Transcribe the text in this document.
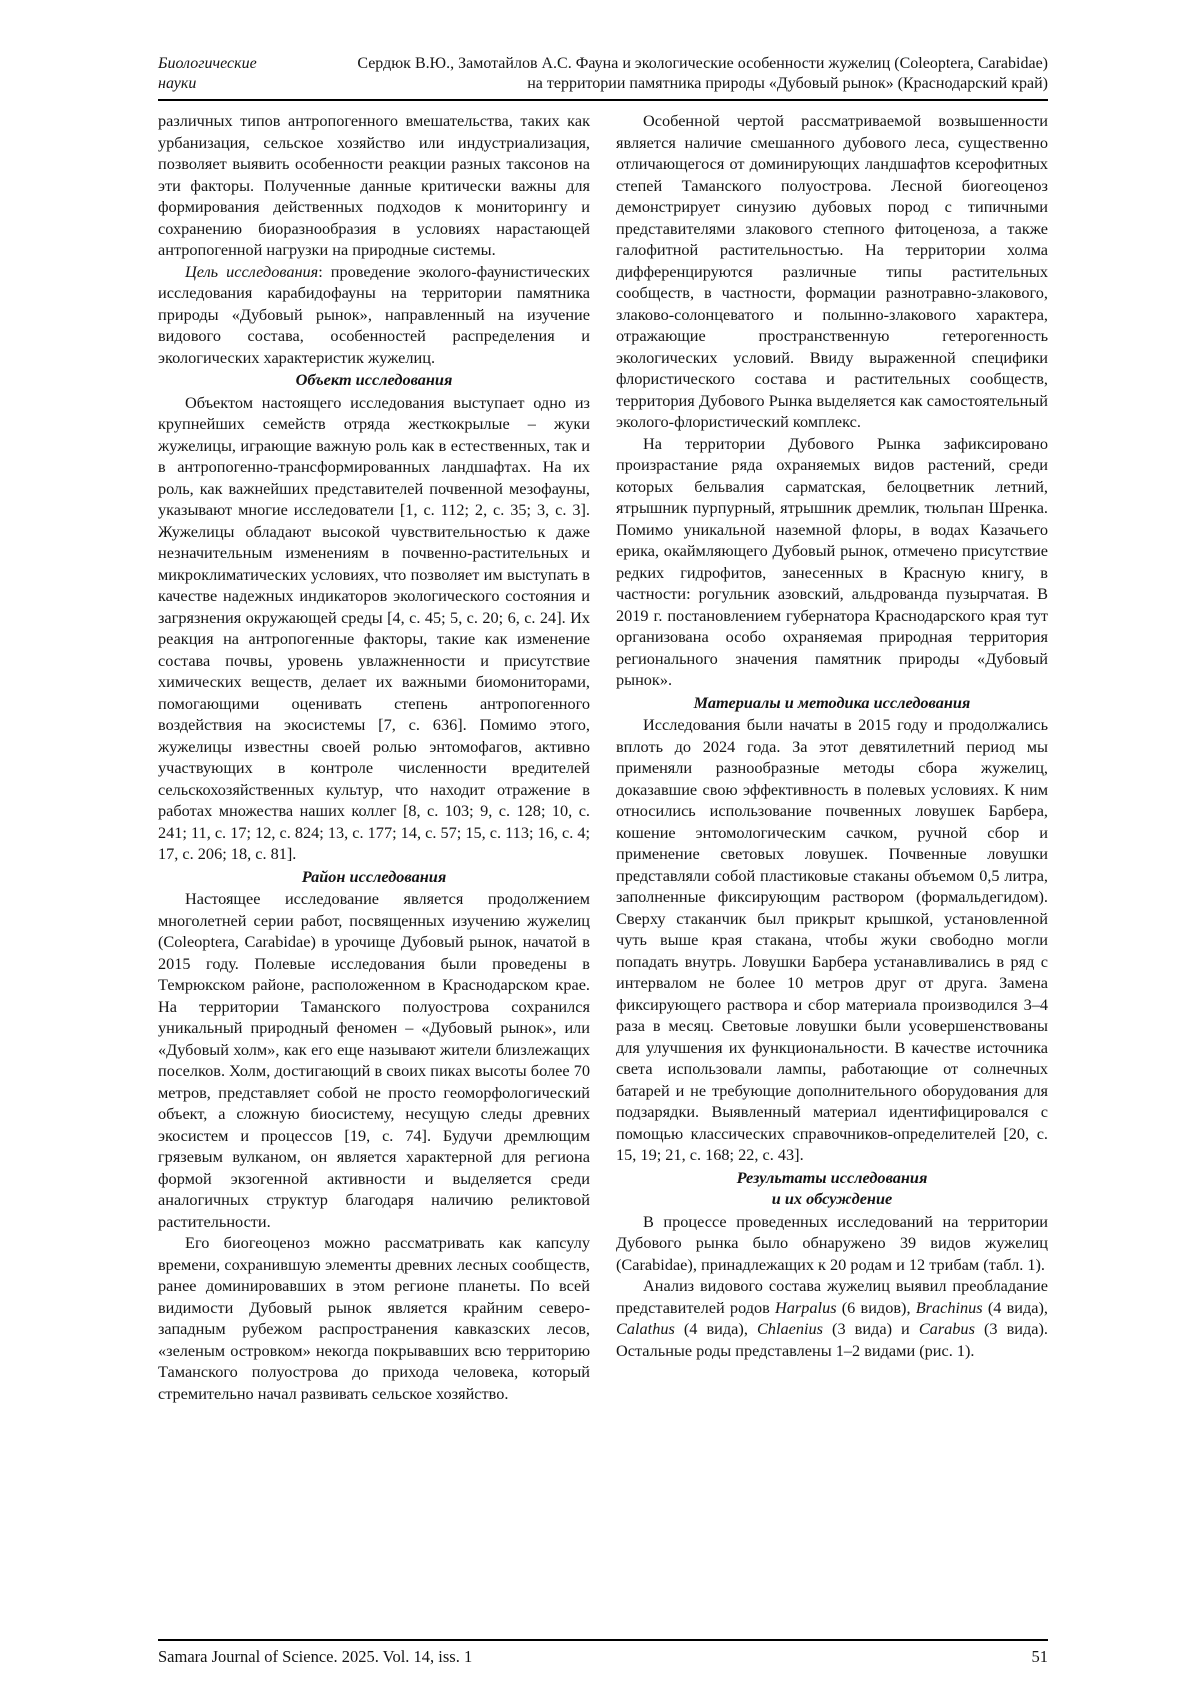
Биологические
науки
Сердюк В.Ю., Замотайлов А.С. Фауна и экологические особенности жужелиц (Coleoptera, Carabidae)
на территории памятника природы «Дубовый рынок» (Краснодарский край)

различных типов антропогенного вмешательства, таких как урбанизация, сельское хозяйство или индустриализация, позволяет выявить особенности реакции разных таксонов на эти факторы. Полученные данные критически важны для формирования действенных подходов к мониторингу и сохранению биоразнообразия в условиях нарастающей антропогенной нагрузки на природные системы.

Цель исследования: проведение эколого-фаунистических исследования карабидофауны на территории памятника природы «Дубовый рынок», направленный на изучение видового состава, особенностей распределения и экологических характеристик жужелиц.

Объект исследования

Объектом настоящего исследования выступает одно из крупнейших семейств отряда жесткокрылые – жуки жужелицы, играющие важную роль как в естественных, так и в антропогенно-трансформированных ландшафтах. На их роль, как важнейших представителей почвенной мезофауны, указывают многие исследователи [1, с. 112; 2, с. 35; 3, с. 3]. Жужелицы обладают высокой чувствительностью к даже незначительным изменениям в почвенно-растительных и микроклиматических условиях, что позволяет им выступать в качестве надежных индикаторов экологического состояния и загрязнения окружающей среды [4, с. 45; 5, с. 20; 6, с. 24]. Их реакция на антропогенные факторы, такие как изменение состава почвы, уровень увлажненности и присутствие химических веществ, делает их важными биомониторами, помогающими оценивать степень антропогенного воздействия на экосистемы [7, с. 636]. Помимо этого, жужелицы известны своей ролью энтомофагов, активно участвующих в контроле численности вредителей сельскохозяйственных культур, что находит отражение в работах множества наших коллег [8, с. 103; 9, с. 128; 10, с. 241; 11, с. 17; 12, с. 824; 13, с. 177; 14, с. 57; 15, с. 113; 16, с. 4; 17, с. 206; 18, с. 81].

Район исследования

Настоящее исследование является продолжением многолетней серии работ, посвященных изучению жужелиц (Coleoptera, Carabidae) в урочище Дубовый рынок, начатой в 2015 году. Полевые исследования были проведены в Темрюкском районе, расположенном в Краснодарском крае. На территории Таманского полуострова сохранился уникальный природный феномен – «Дубовый рынок», или «Дубовый холм», как его еще называют жители близлежащих поселков. Холм, достигающий в своих пиках высоты более 70 метров, представляет собой не просто геоморфологический объект, а сложную биосистему, несущую следы древних экосистем и процессов [19, с. 74]. Будучи дремлющим грязевым вулканом, он является характерной для региона формой экзогенной активности и выделяется среди аналогичных структур благодаря наличию реликтовой растительности.

Его биогеоценоз можно рассматривать как капсулу времени, сохранившую элементы древних лесных сообществ, ранее доминировавших в этом регионе планеты. По всей видимости Дубовый рынок является крайним северо-западным рубежом распространения кавказских лесов, «зеленым островком» некогда покрывавших всю территорию Таманского полуострова до прихода человека, который стремительно начал развивать сельское хозяйство.

Особенной чертой рассматриваемой возвышенности является наличие смешанного дубового леса, существенно отличающегося от доминирующих ландшафтов ксерофитных степей Таманского полуострова. Лесной биогеоценоз демонстрирует синузию дубовых пород с типичными представителями злакового степного фитоценоза, а также галофитной растительностью. На территории холма дифференцируются различные типы растительных сообществ, в частности, формации разнотравно-злакового, злаково-солонцеватого и полынно-злакового характера, отражающие пространственную гетерогенность экологических условий. Ввиду выраженной специфики флористического состава и растительных сообществ, территория Дубового Рынка выделяется как самостоятельный эколого-флористический комплекс.

На территории Дубового Рынка зафиксировано произрастание ряда охраняемых видов растений, среди которых бельвалия сарматская, белоцветник летний, ятрышник пурпурный, ятрышник дремлик, тюльпан Шренка. Помимо уникальной наземной флоры, в водах Казачьего ерика, окаймляющего Дубовый рынок, отмечено присутствие редких гидрофитов, занесенных в Красную книгу, в частности: рогульник азовский, альдрованда пузырчатая. В 2019 г. постановлением губернатора Краснодарского края тут организована особо охраняемая природная территория регионального значения памятник природы «Дубовый рынок».

Материалы и методика исследования

Исследования были начаты в 2015 году и продолжались вплоть до 2024 года. За этот девятилетний период мы применяли разнообразные методы сбора жужелиц, доказавшие свою эффективность в полевых условиях. К ним относились использование почвенных ловушек Барбера, кошение энтомологическим сачком, ручной сбор и применение световых ловушек. Почвенные ловушки представляли собой пластиковые стаканы объемом 0,5 литра, заполненные фиксирующим раствором (формальдегидом). Сверху стаканчик был прикрыт крышкой, установленной чуть выше края стакана, чтобы жуки свободно могли попадать внутрь. Ловушки Барбера устанавливались в ряд с интервалом не более 10 метров друг от друга. Замена фиксирующего раствора и сбор материала производился 3–4 раза в месяц. Световые ловушки были усовершенствованы для улучшения их функциональности. В качестве источника света использовали лампы, работающие от солнечных батарей и не требующие дополнительного оборудования для подзарядки. Выявленный материал идентифицировался с помощью классических справочников-определителей [20, с. 15, 19; 21, с. 168; 22, с. 43].

Результаты исследования
и их обсуждение

В процессе проведенных исследований на территории Дубового рынка было обнаружено 39 видов жужелиц (Carabidae), принадлежащих к 20 родам и 12 трибам (табл. 1).

Анализ видового состава жужелиц выявил преобладание представителей родов Harpalus (6 видов), Brachinus (4 вида), Calathus (4 вида), Chlaenius (3 вида) и Carabus (3 вида). Остальные роды представлены 1–2 видами (рис. 1).

Samara Journal of Science. 2025. Vol. 14, iss. 1	51
